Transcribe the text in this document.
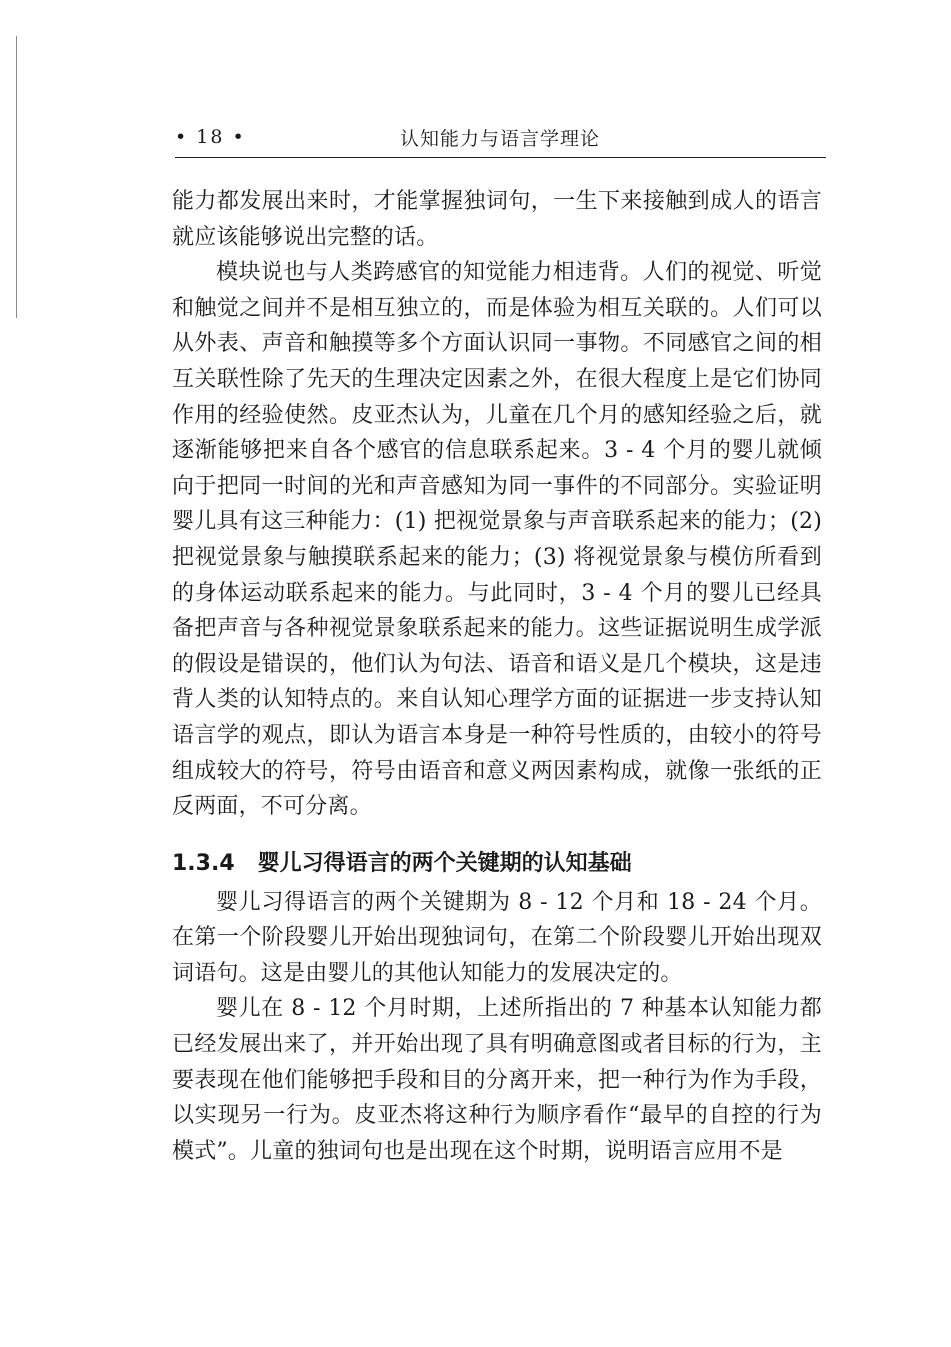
• 18 •	认知能力与语言学理论

能力都发展出来时，才能掌握独词句，一生下来接触到成人的语言就应该能够说出完整的话。

模块说也与人类跨感官的知觉能力相违背。人们的视觉、听觉和触觉之间并不是相互独立的，而是体验为相互关联的。人们可以从外表、声音和触摸等多个方面认识同一事物。不同感官之间的相互关联性除了先天的生理决定因素之外，在很大程度上是它们协同作用的经验使然。皮亚杰认为，儿童在几个月的感知经验之后，就逐渐能够把来自各个感官的信息联系起来。3 - 4 个月的婴儿就倾向于把同一时间的光和声音感知为同一事件的不同部分。实验证明婴儿具有这三种能力：(1) 把视觉景象与声音联系起来的能力；(2) 把视觉景象与触摸联系起来的能力；(3) 将视觉景象与模仿所看到的身体运动联系起来的能力。与此同时，3 - 4 个月的婴儿已经具备把声音与各种视觉景象联系起来的能力。这些证据说明生成学派的假设是错误的，他们认为句法、语音和语义是几个模块，这是违背人类的认知特点的。来自认知心理学方面的证据进一步支持认知语言学的观点，即认为语言本身是一种符号性质的，由较小的符号组成较大的符号，符号由语音和意义两因素构成，就像一张纸的正反两面，不可分离。

1.3.4 婴儿习得语言的两个关键期的认知基础

婴儿习得语言的两个关键期为 8 - 12 个月和 18 - 24 个月。在第一个阶段婴儿开始出现独词句，在第二个阶段婴儿开始出现双词语句。这是由婴儿的其他认知能力的发展决定的。

婴儿在 8 - 12 个月时期，上述所指出的 7 种基本认知能力都已经发展出来了，并开始出现了具有明确意图或者目标的行为，主要表现在他们能够把手段和目的分离开来，把一种行为作为手段，以实现另一行为。皮亚杰将这种行为顺序看作“最早的自控的行为模式”。儿童的独词句也是出现在这个时期，说明语言应用不是
